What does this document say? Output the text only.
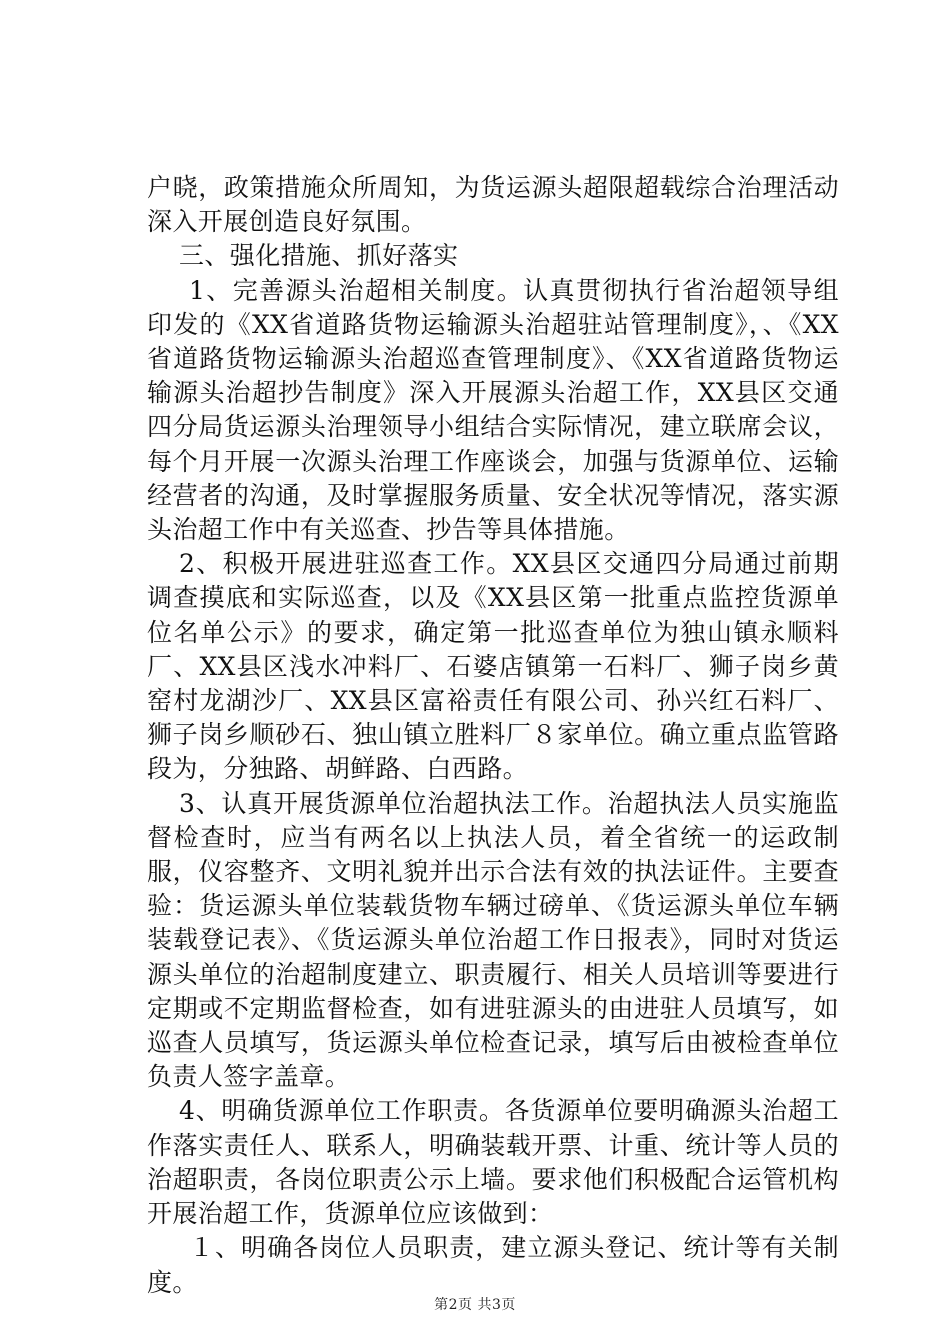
户晓，政策措施众所周知，为货运源头超限超载综合治理活动深入开展创造良好氛围。

三、强化措施、抓好落实

1、完善源头治超相关制度。认真贯彻执行省治超领导组印发的《XX省道路货物运输源头治超驻站管理制度》，、《XX省道路货物运输源头治超巡查管理制度》、《XX省道路货物运输源头治超抄告制度》深入开展源头治超工作，XX县区交通四分局货运源头治理领导小组结合实际情况，建立联席会议，每个月开展一次源头治理工作座谈会，加强与货源单位、运输经营者的沟通，及时掌握服务质量、安全状况等情况，落实源头治超工作中有关巡查、抄告等具体措施。

2、积极开展进驻巡查工作。XX县区交通四分局通过前期调查摸底和实际巡查，以及《XX县区第一批重点监控货源单位名单公示》的要求，确定第一批巡查单位为独山镇永顺料厂、XX县区浅水冲料厂、石婆店镇第一石料厂、狮子岗乡黄窑村龙湖沙厂、XX县区富裕责任有限公司、孙兴红石料厂、狮子岗乡顺砂石、独山镇立胜料厂８家单位。确立重点监管路段为，分独路、胡鲜路、白西路。

3、认真开展货源单位治超执法工作。治超执法人员实施监督检查时，应当有两名以上执法人员，着全省统一的运政制服，仪容整齐、文明礼貌并出示合法有效的执法证件。主要查验：货运源头单位装载货物车辆过磅单、《货运源头单位车辆装载登记表》、《货运源头单位治超工作日报表》，同时对货运源头单位的治超制度建立、职责履行、相关人员培训等要进行定期或不定期监督检查，如有进驻源头的由进驻人员填写，如巡查人员填写，货运源头单位检查记录，填写后由被检查单位负责人签字盖章。

4、明确货源单位工作职责。各货源单位要明确源头治超工作落实责任人、联系人，明确装载开票、计重、统计等人员的治超职责，各岗位职责公示上墙。要求他们积极配合运管机构开展治超工作，货源单位应该做到：

１、明确各岗位人员职责，建立源头登记、统计等有关制度。

第2页 共3页
